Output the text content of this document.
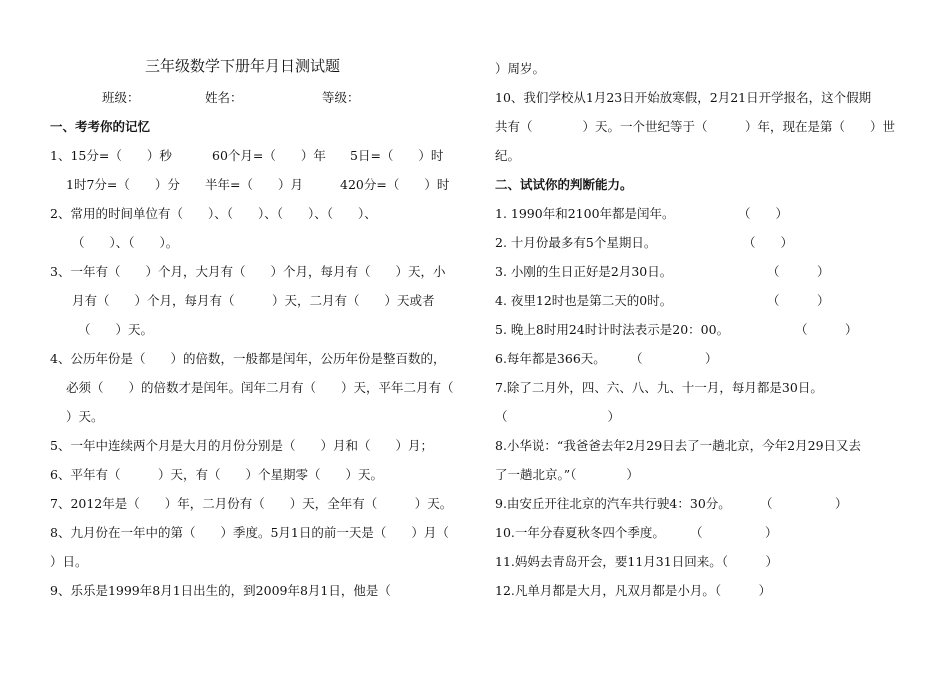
三年级数学下册年月日测试题
班级：	姓名：	等级：
一、考考你的记忆
1、15分=（　　）秒	60个月=（　　）年 5日=（　　）时
1时7分=（　　）分 半年=（　　）月	420分=（　　）时
2、常用的时间单位有（　　）、（　　）、（　　）、（　　）、
（　　）、（　　）。
3、一年有（　　）个月，大月有（　　）个月，每月有（　　）天，小
月有（　　）个月，每月有（　　　）天，二月有（　　）天或者
（　　）天。
4、公历年份是（　　）的倍数，一般都是闰年，公历年份是整百数的，
必须（　　）的倍数才是闰年。闰年二月有（　　）天，平年二月有（
）天。
5、一年中连续两个月是大月的月份分别是（　　）月和（　　）月；
6、平年有（　　　）天，有（　　）个星期零（　　）天。
7、2012年是（　　）年，二月份有（　　）天，全年有（　　　）天。
8、九月份在一年中的第（　　）季度。5月1日的前一天是（　　）月（
）日。
9、乐乐是1999年8月1日出生的，到2009年8月1日，他是（
）周岁。
10、我们学校从1月23日开始放寒假，2月21日开学报名，这个假期
共有（　　　　）天。一个世纪等于（　　　）年，现在是第（　　）世
纪。
二、试试你的判断能力。
1. 1990年和2100年都是闰年。	（　　）
2. 十月份最多有5个星期日。	（　　）
3. 小刚的生日正好是2月30日。	（　　　）
4. 夜里12时也是第二天的0时。	（　　　）
5. 晚上8时用24时计时法表示是20：00。	（　　　）
6.每年都是366天。 （　　　　　）
7.除了二月外，四、六、八、九、十一月，每月都是30日。
（　　　　　　　　）
8.小华说：“我爸爸去年2月29日去了一趟北京，今年2月29日又去
了一趟北京。”（　　　　）
9.由安丘开往北京的汽车共行驶4：30分。 （　　　　　）
10.一年分春夏秋冬四个季度。 （　　　　　）
11.妈妈去青岛开会，要11月31日回来。（　　　）
12.凡单月都是大月，凡双月都是小月。（　　　）
